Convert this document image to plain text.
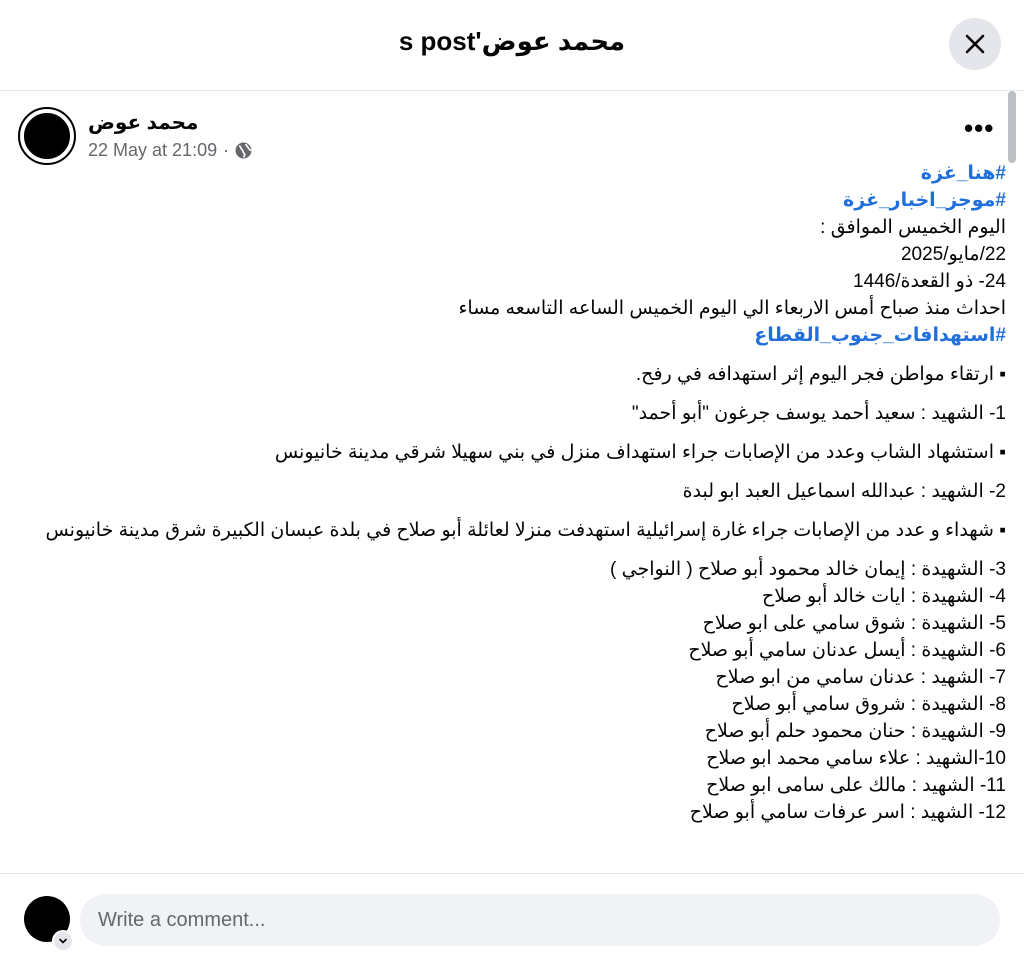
محمد عوض's post
محمد عوض
22 May at 21:09 ·
•••
#هنا_غزة
#موجز_اخبار_غزة
اليوم الخميس الموافق :
22/مايو/2025
24- ذو القعدة/1446
احداث منذ صباح أمس الاربعاء الي اليوم الخميس الساعه التاسعه مساء
#استهدافات_جنوب_القطاع
▪ ارتقاء مواطن فجر اليوم إثر استهدافه في رفح.
1- الشهيد : سعيد أحمد يوسف جرغون "أبو أحمد"
▪ استشهاد الشاب وعدد من الإصابات جراء استهداف منزل في بني سهيلا شرقي مدينة خانيونس
2- الشهيد : عبدالله اسماعيل العبد ابو لبدة
▪ شهداء و عدد من الإصابات جراء غارة إسرائيلية استهدفت منزلا لعائلة أبو صلاح في بلدة عبسان الكبيرة شرق مدينة خانيونس
3- الشهيدة : إيمان خالد محمود أبو صلاح ( النواجي )
4- الشهيدة : ايات خالد أبو صلاح
5- الشهيدة : شوق سامي على ابو صلاح
6- الشهيدة : أيسل عدنان سامي أبو صلاح
7- الشهيد : عدنان سامي من ابو صلاح
8- الشهيدة : شروق سامي أبو صلاح
9- الشهيدة : حنان محمود حلم أبو صلاح
10-الشهيد : علاء سامي محمد ابو صلاح
11- الشهيد : مالك على سامى ابو صلاح
12- الشهيد : اسر عرفات سامي أبو صلاح
Write a comment...
